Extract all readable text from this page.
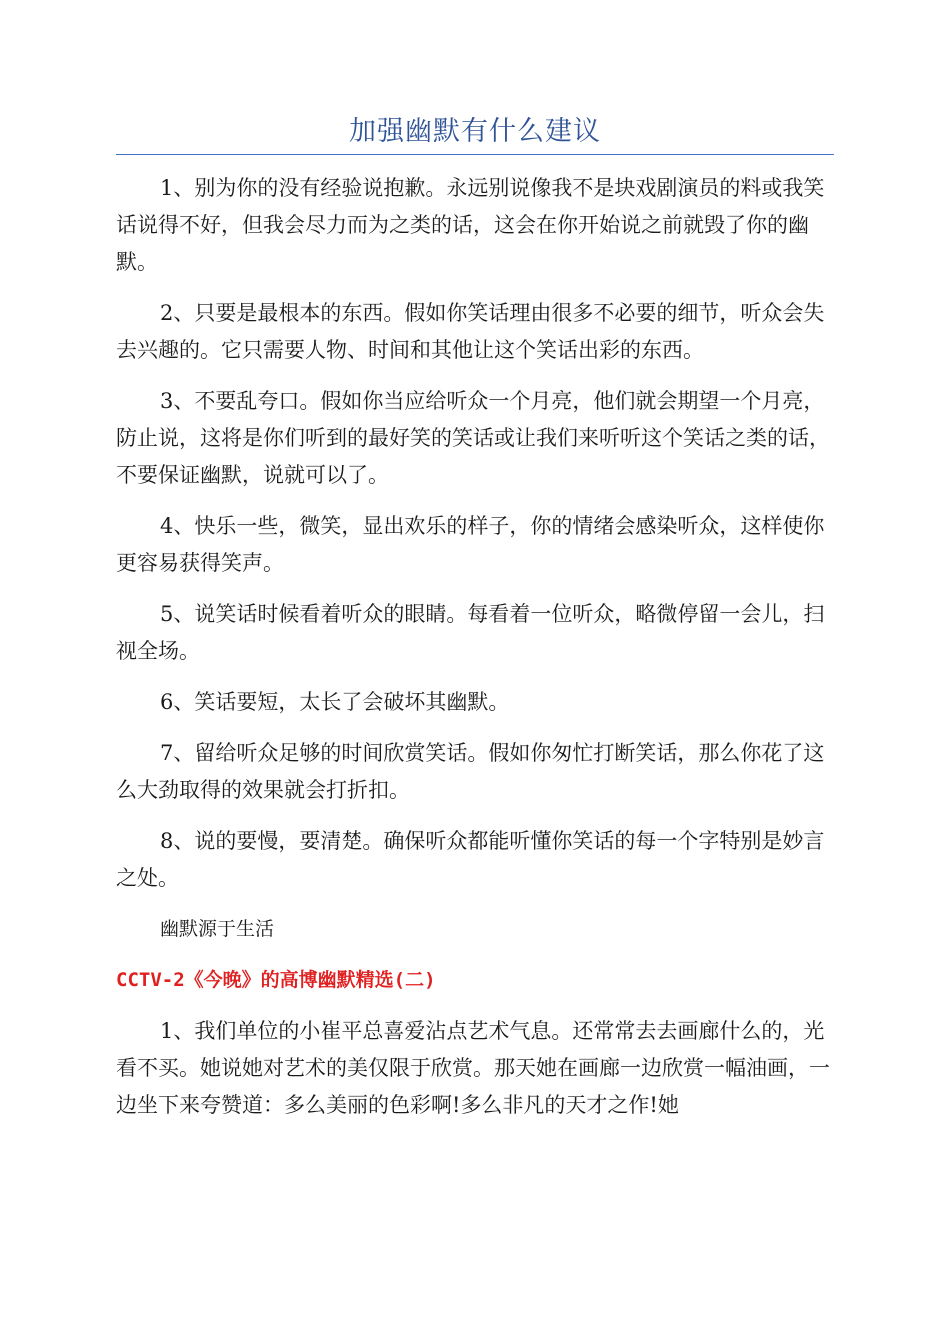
加强幽默有什么建议

1、别为你的没有经验说抱歉。永远别说像我不是块戏剧演员的料或我笑话说得不好，但我会尽力而为之类的话，这会在你开始说之前就毁了你的幽默。

2、只要是最根本的东西。假如你笑话理由很多不必要的细节，听众会失去兴趣的。它只需要人物、时间和其他让这个笑话出彩的东西。

3、不要乱夸口。假如你当应给听众一个月亮，他们就会期望一个月亮，防止说，这将是你们听到的最好笑的笑话或让我们来听听这个笑话之类的话，不要保证幽默，说就可以了。

4、快乐一些，微笑，显出欢乐的样子，你的情绪会感染听众，这样使你更容易获得笑声。

5、说笑话时候看着听众的眼睛。每看着一位听众，略微停留一会儿，扫视全场。

6、笑话要短，太长了会破坏其幽默。

7、留给听众足够的时间欣赏笑话。假如你匆忙打断笑话，那么你花了这么大劲取得的效果就会打折扣。

8、说的要慢，要清楚。确保听众都能听懂你笑话的每一个字特别是妙言之处。

幽默源于生活

CCTV-2《今晚》的高博幽默精选(二)

1、我们单位的小崔平总喜爱沾点艺术气息。还常常去去画廊什么的，光看不买。她说她对艺术的美仅限于欣赏。那天她在画廊一边欣赏一幅油画，一边坐下来夸赞道：多么美丽的色彩啊!多么非凡的天才之作!她
